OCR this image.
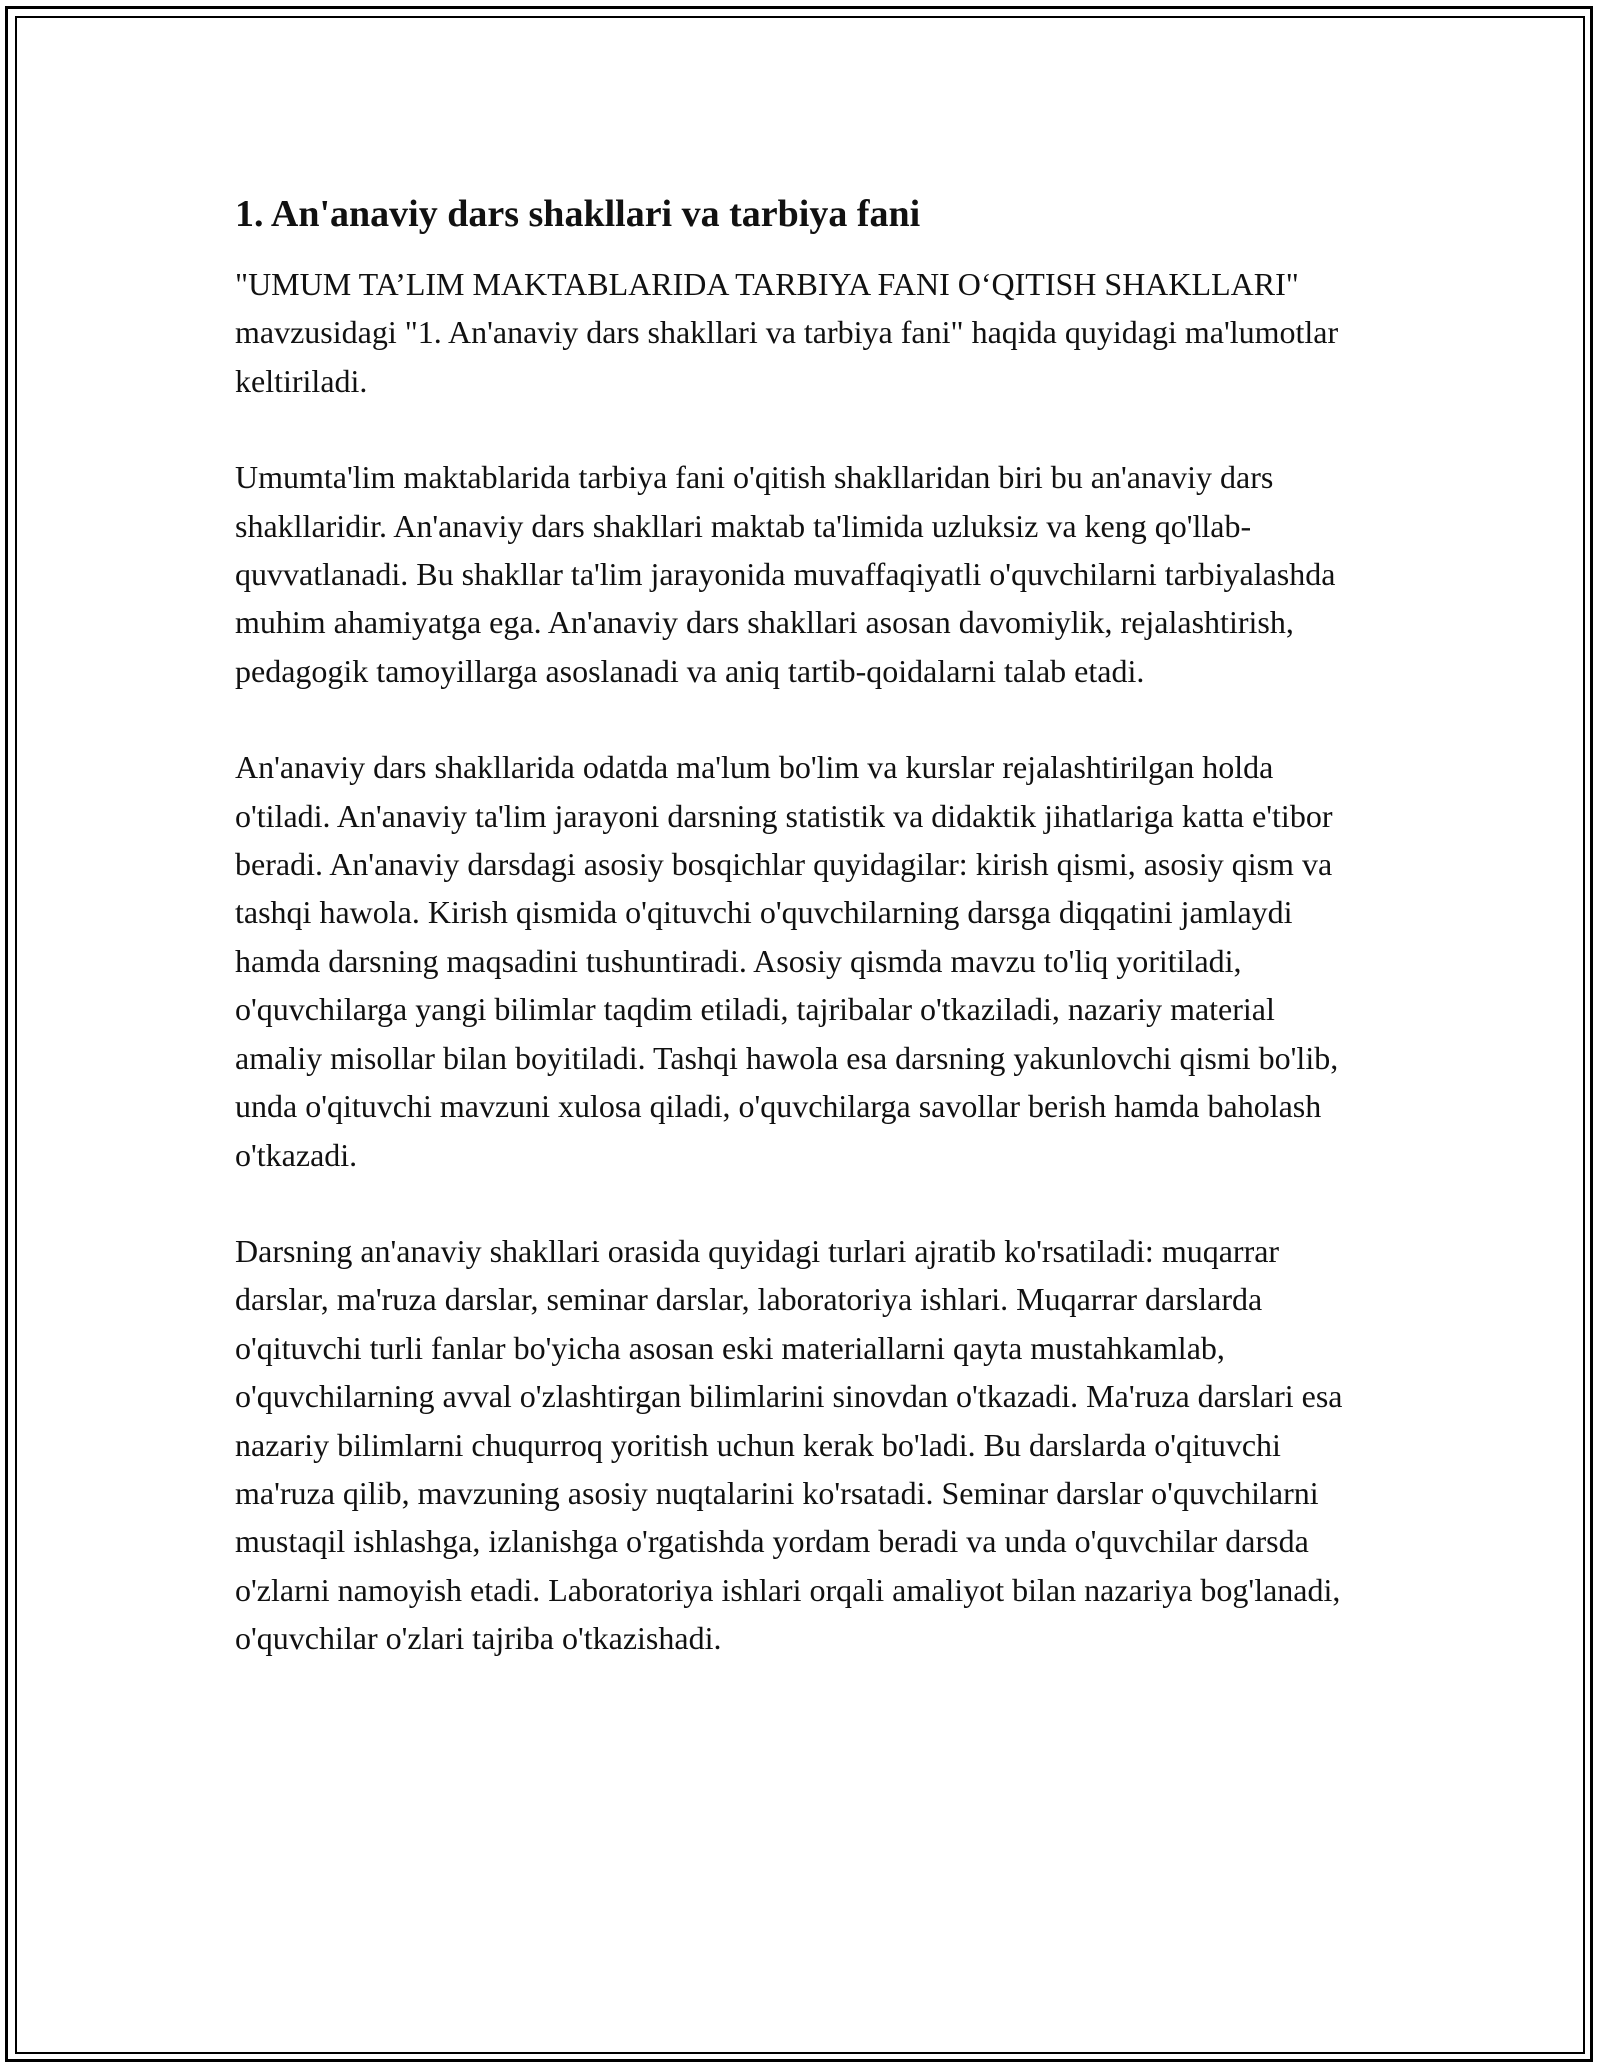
1. An'anaviy dars shakllari va tarbiya fani

"UMUM TA’LIM MAKTABLARIDA TARBIYA FANI O‘QITISH SHAKLLARI" mavzusidagi "1. An'anaviy dars shakllari va tarbiya fani" haqida quyidagi ma'lumotlar keltiriladi.

Umumta'lim maktablarida tarbiya fani o'qitish shakllaridan biri bu an'anaviy dars shakllaridir. An'anaviy dars shakllari maktab ta'limida uzluksiz va keng qo'llab-quvvatlanadi. Bu shakllar ta'lim jarayonida muvaffaqiyatli o'quvchilarni tarbiyalashda muhim ahamiyatga ega. An'anaviy dars shakllari asosan davomiylik, rejalashtirish, pedagogik tamoyillarga asoslanadi va aniq tartib-qoidalarni talab etadi.

An'anaviy dars shakllarida odatda ma'lum bo'lim va kurslar rejalashtirilgan holda o'tiladi. An'anaviy ta'lim jarayoni darsning statistik va didaktik jihatlariga katta e'tibor beradi. An'anaviy darsdagi asosiy bosqichlar quyidagilar: kirish qismi, asosiy qism va tashqi hawola. Kirish qismida o'qituvchi o'quvchilarning darsga diqqatini jamlaydi hamda darsning maqsadini tushuntiradi. Asosiy qismda mavzu to'liq yoritiladi, o'quvchilarga yangi bilimlar taqdim etiladi, tajribalar o'tkaziladi, nazariy material amaliy misollar bilan boyitiladi. Tashqi hawola esa darsning yakunlovchi qismi bo'lib, unda o'qituvchi mavzuni xulosa qiladi, o'quvchilarga savollar berish hamda baholash o'tkazadi.

Darsning an'anaviy shakllari orasida quyidagi turlari ajratib ko'rsatiladi: muqarrar darslar, ma'ruza darslar, seminar darslar, laboratoriya ishlari. Muqarrar darslarda o'qituvchi turli fanlar bo'yicha asosan eski materiallarni qayta mustahkamlab, o'quvchilarning avval o'zlashtirgan bilimlarini sinovdan o'tkazadi. Ma'ruza darslari esa nazariy bilimlarni chuqurroq yoritish uchun kerak bo'ladi. Bu darslarda o'qituvchi ma'ruza qilib, mavzuning asosiy nuqtalarini ko'rsatadi. Seminar darslar o'quvchilarni mustaqil ishlashga, izlanishga o'rgatishda yordam beradi va unda o'quvchilar darsda o'zlarni namoyish etadi. Laboratoriya ishlari orqali amaliyot bilan nazariya bog'lanadi, o'quvchilar o'zlari tajriba o'tkazishadi.
